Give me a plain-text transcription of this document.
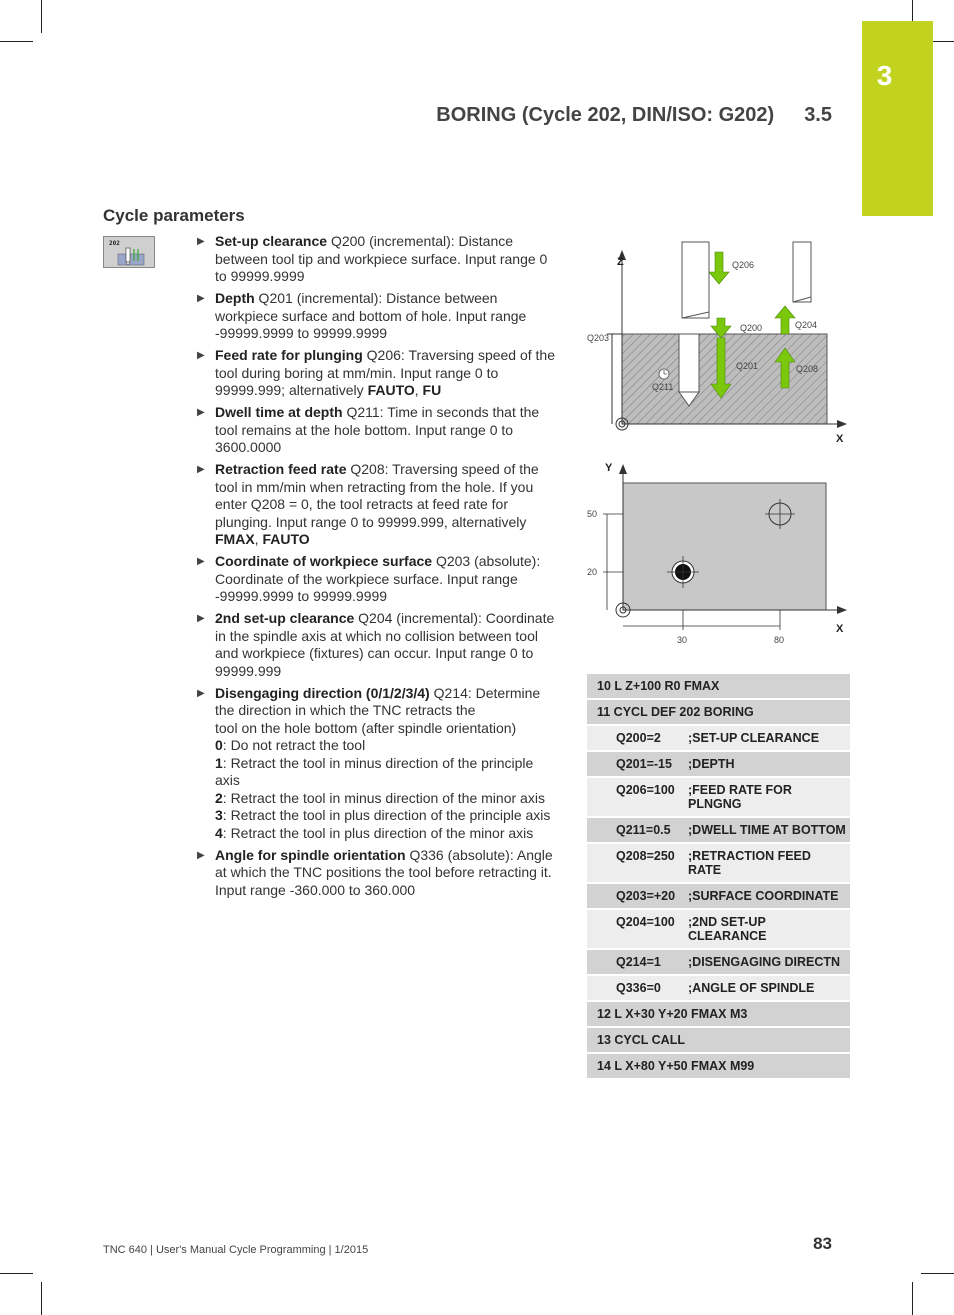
3
BORING (Cycle 202, DIN/ISO: G202) 3.5
Cycle parameters
202	▶ Set-up clearance Q200 (incremental): Distance between tool tip and workpiece surface. Input range 0 to 99999.9999
▶ Depth Q201 (incremental): Distance between workpiece surface and bottom of hole. Input range -99999.9999 to 99999.9999
▶ Feed rate for plunging Q206: Traversing speed of the tool during boring at mm/min. Input range 0 to 99999.999; alternatively FAUTO, FU
▶ Dwell time at depth Q211: Time in seconds that the tool remains at the hole bottom. Input range 0 to 3600.0000
▶ Retraction feed rate Q208: Traversing speed of the tool in mm/min when retracting from the hole. If you enter Q208 = 0, the tool retracts at feed rate for plunging. Input range 0 to 99999.999, alternatively FMAX, FAUTO
▶ Coordinate of workpiece surface Q203 (absolute): Coordinate of the workpiece surface. Input range -99999.9999 to 99999.9999
▶ 2nd set-up clearance Q204 (incremental): Coordinate in the spindle axis at which no collision between tool and workpiece (fixtures) can occur. Input range 0 to 99999.999
▶ Disengaging direction (0/1/2/3/4) Q214: Determine the direction in which the TNC retracts the
tool on the hole bottom (after spindle orientation)
0: Do not retract the tool
1: Retract the tool in minus direction of the principle axis
2: Retract the tool in minus direction of the minor axis
3: Retract the tool in plus direction of the principle axis
4: Retract the tool in plus direction of the minor axis
▶ Angle for spindle orientation Q336 (absolute): Angle at which the TNC positions the tool before retracting it. Input range -360.000 to 360.000
Z
X
Q206
Q200	Q204
Q203
Q201	Q208
Q211
Y
X
50
20
30	80
10 L Z+100 R0 FMAX	
11 CYCL DEF 202 BORING	
Q200=2	;SET-UP CLEARANCE
Q201=-15	;DEPTH
Q206=100	;FEED RATE FOR PLNGNG
Q211=0.5	;DWELL TIME AT BOTTOM
Q208=250	;RETRACTION FEED RATE
Q203=+20	;SURFACE COORDINATE
Q204=100	;2ND SET-UP CLEARANCE
Q214=1	;DISENGAGING DIRECTN
Q336=0	;ANGLE OF SPINDLE
12 L X+30 Y+20 FMAX M3	
13 CYCL CALL	
14 L X+80 Y+50 FMAX M99	
TNC 640 | User's Manual Cycle Programming | 1/2015	83
